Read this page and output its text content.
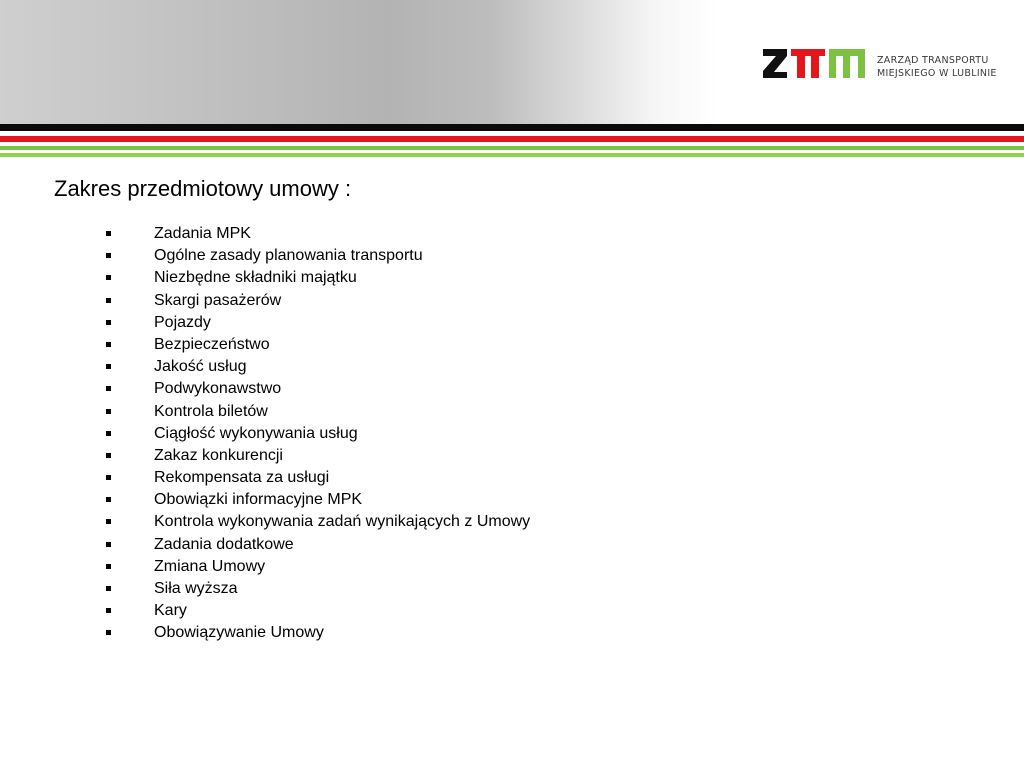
ZARZĄD TRANSPORTU
MIEJSKIEGO W LUBLINIE
Zakres przedmiotowy umowy :
Zadania MPK
Ogólne zasady planowania transportu
Niezbędne składniki majątku
Skargi pasażerów
Pojazdy
Bezpieczeństwo
Jakość usług
Podwykonawstwo
Kontrola biletów
Ciągłość wykonywania usług
Zakaz konkurencji
Rekompensata za usługi
Obowiązki informacyjne MPK
Kontrola wykonywania zadań wynikających z Umowy
Zadania dodatkowe
Zmiana Umowy
Siła wyższa
Kary
Obowiązywanie Umowy
